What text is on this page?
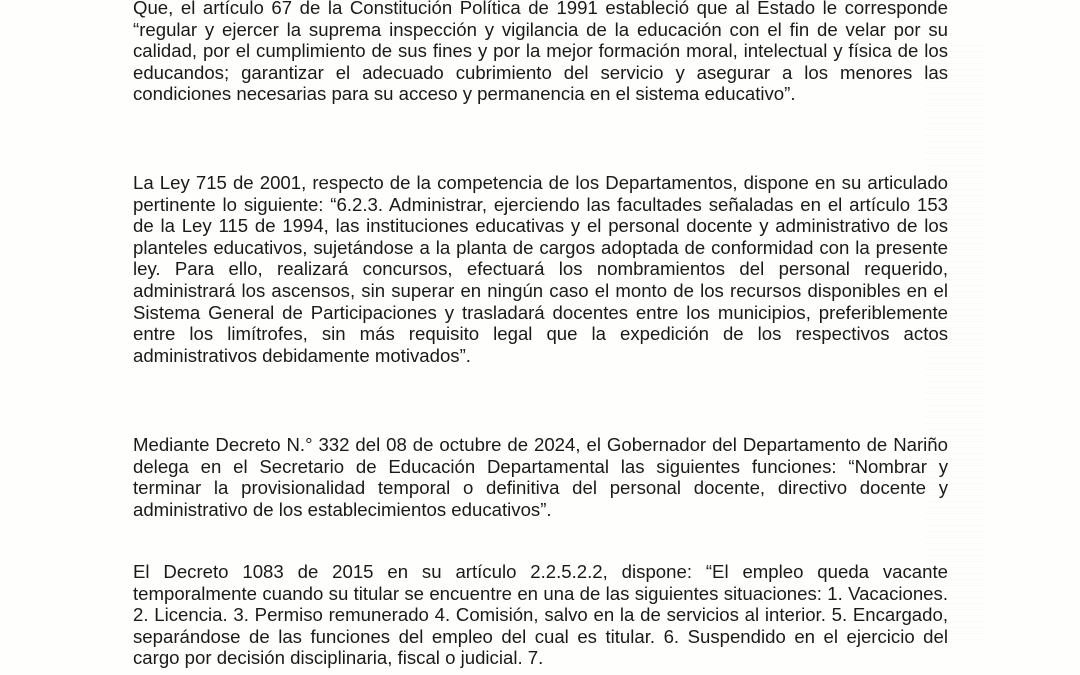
Que, el artículo 67 de la Constitución Política de 1991 estableció que al Estado le corresponde “regular y ejercer la suprema inspección y vigilancia de la educación con el fin de velar por su calidad, por el cumplimiento de sus fines y por la mejor formación moral, intelectual y física de los educandos; garantizar el adecuado cubrimiento del servicio y asegurar a los menores las condiciones necesarias para su acceso y permanencia en el sistema educativo”.

La Ley 715 de 2001, respecto de la competencia de los Departamentos, dispone en su articulado pertinente lo siguiente: “6.2.3. Administrar, ejerciendo las facultades señaladas en el artículo 153 de la Ley 115 de 1994, las instituciones educativas y el personal docente y administrativo de los planteles educativos, sujetándose a la planta de cargos adoptada de conformidad con la presente ley. Para ello, realizará concursos, efectuará los nombramientos del personal requerido, administrará los ascensos, sin superar en ningún caso el monto de los recursos disponibles en el Sistema General de Participaciones y trasladará docentes entre los municipios, preferiblemente entre los limítrofes, sin más requisito legal que la expedición de los respectivos actos administrativos debidamente motivados”.

Mediante Decreto N.° 332 del 08 de octubre de 2024, el Gobernador del Departamento de Nariño delega en el Secretario de Educación Departamental las siguientes funciones: “Nombrar y terminar la provisionalidad temporal o definitiva del personal docente, directivo docente y administrativo de los establecimientos educativos”.

El Decreto 1083 de 2015 en su artículo 2.2.5.2.2, dispone: “El empleo queda vacante temporalmente cuando su titular se encuentre en una de las siguientes situaciones: 1. Vacaciones. 2. Licencia. 3. Permiso remunerado 4. Comisión, salvo en la de servicios al interior. 5. Encargado, separándose de las funciones del empleo del cual es titular. 6. Suspendido en el ejercicio del cargo por decisión disciplinaria, fiscal o judicial. 7.
